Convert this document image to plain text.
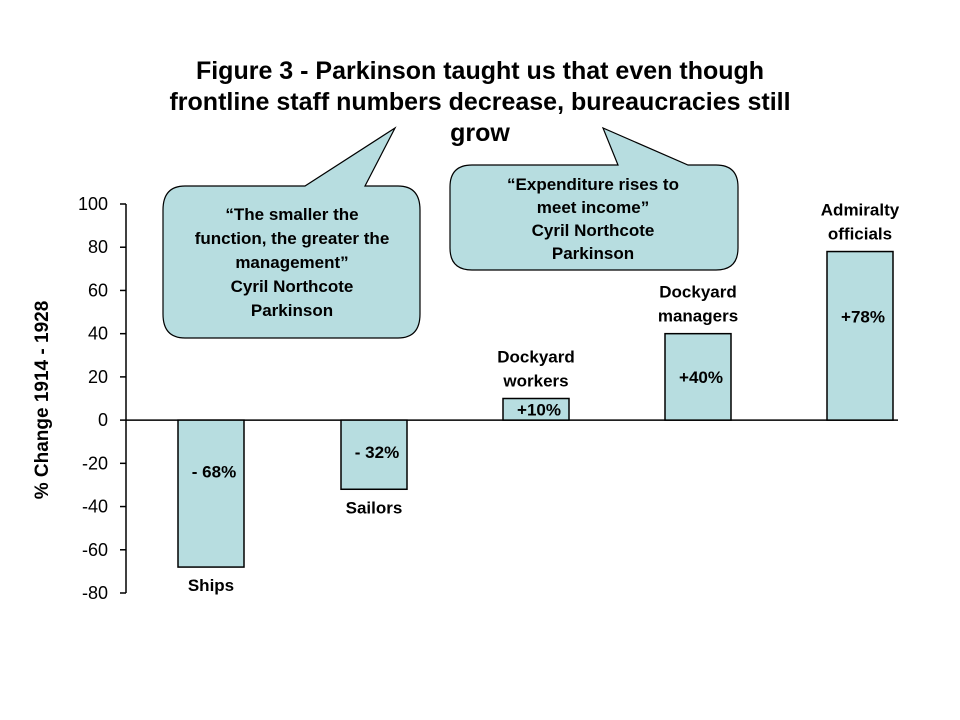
Figure 3 - Parkinson taught us that even though
frontline staff numbers decrease, bureaucracies still
grow
% Change 1914 - 1928
100
80
60
40
20
0
-20
-40
-60
-80
- 68%
Ships
- 32%
Sailors
+10%
Dockyard
workers	+40%
Dockyard
managers	+78%
Admiralty
officials
“The smaller the
function, the greater the
management”
Cyril Northcote
Parkinson
“Expenditure rises to
meet income”
Cyril Northcote
Parkinson
